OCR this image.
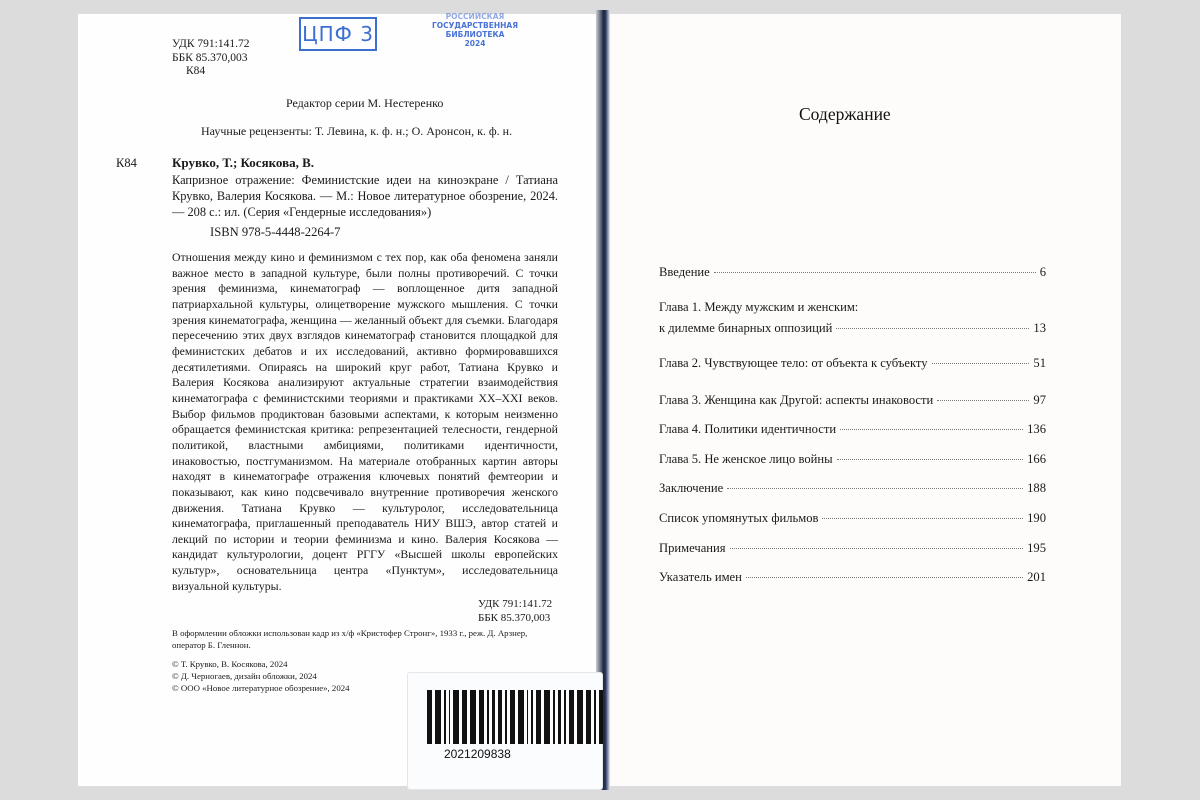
УДК 791:141.72
ББК 85.370,003
К84
ЦПФ 3
РОССИЙСКАЯ
ГОСУДАРСТВЕННАЯ
БИБЛИОТЕКА
2024
Редактор серии М. Нестеренко
Научные рецензенты: Т. Левина, к. ф. н.; О. Аронсон, к. ф. н.
К84	Крувко, Т.; Косякова, В.
Капризное отражение: Феминистские идеи на киноэкране / Татиана Крувко, Валерия Косякова. — М.: Новое литературное обозрение, 2024. — 208 с.: ил. (Серия «Гендерные исследования»)
ISBN 978-5-4448-2264-7
Отношения между кино и феминизмом с тех пор, как оба феномена заняли важное место в западной культуре, были полны противоречий. С точки зрения феминизма, кинематограф — воплощенное дитя западной патриархальной культуры, олицетворение мужского мышления. С точки зрения кинематографа, женщина — желанный объект для съемки. Благодаря пересечению этих двух взглядов кинематограф становится площадкой для феминистских дебатов и их исследований, активно формировавшихся десятилетиями. Опираясь на широкий круг работ, Татиана Крувко и Валерия Косякова анализируют актуальные стратегии взаимодействия кинематографа с феминистскими теориями и практиками XX–XXI веков. Выбор фильмов продиктован базовыми аспектами, к которым неизменно обращается феминистская критика: репрезентацией телесности, гендерной политикой, властными амбициями, политиками идентичности, инаковостью, постгуманизмом. На материале отобранных картин авторы находят в кинематографе отражения ключевых понятий фемтеории и показывают, как кино подсвечивало внутренние противоречия женского движения. Татиана Крувко — культуролог, исследовательница кинематографа, приглашенный преподаватель НИУ ВШЭ, автор статей и лекций по истории и теории феминизма и кино. Валерия Косякова — кандидат культурологии, доцент РГГУ «Высшей школы европейских культур», основательница центра «Пунктум», исследовательница визуальной культуры.
УДК 791:141.72
ББК 85.370,003
В оформлении обложки использован кадр из х/ф «Кристофер Стронг», 1933 г., реж. Д. Арзнер, оператор Б. Гленнон.
© Т. Крувко, В. Косякова, 2024
© Д. Черногаев, дизайн обложки, 2024
© ООО «Новое литературное обозрение», 2024
2021209838
Содержание
Введение	6
Глава 1. Между мужским и женским:
к дилемме бинарных оппозиций	13
Глава 2. Чувствующее тело: от объекта к субъекту	51
Глава 3. Женщина как Другой: аспекты инаковости	97
Глава 4. Политики идентичности	136
Глава 5. Не женское лицо войны	166
Заключение	188
Список упомянутых фильмов	190
Примечания	195
Указатель имен	201
